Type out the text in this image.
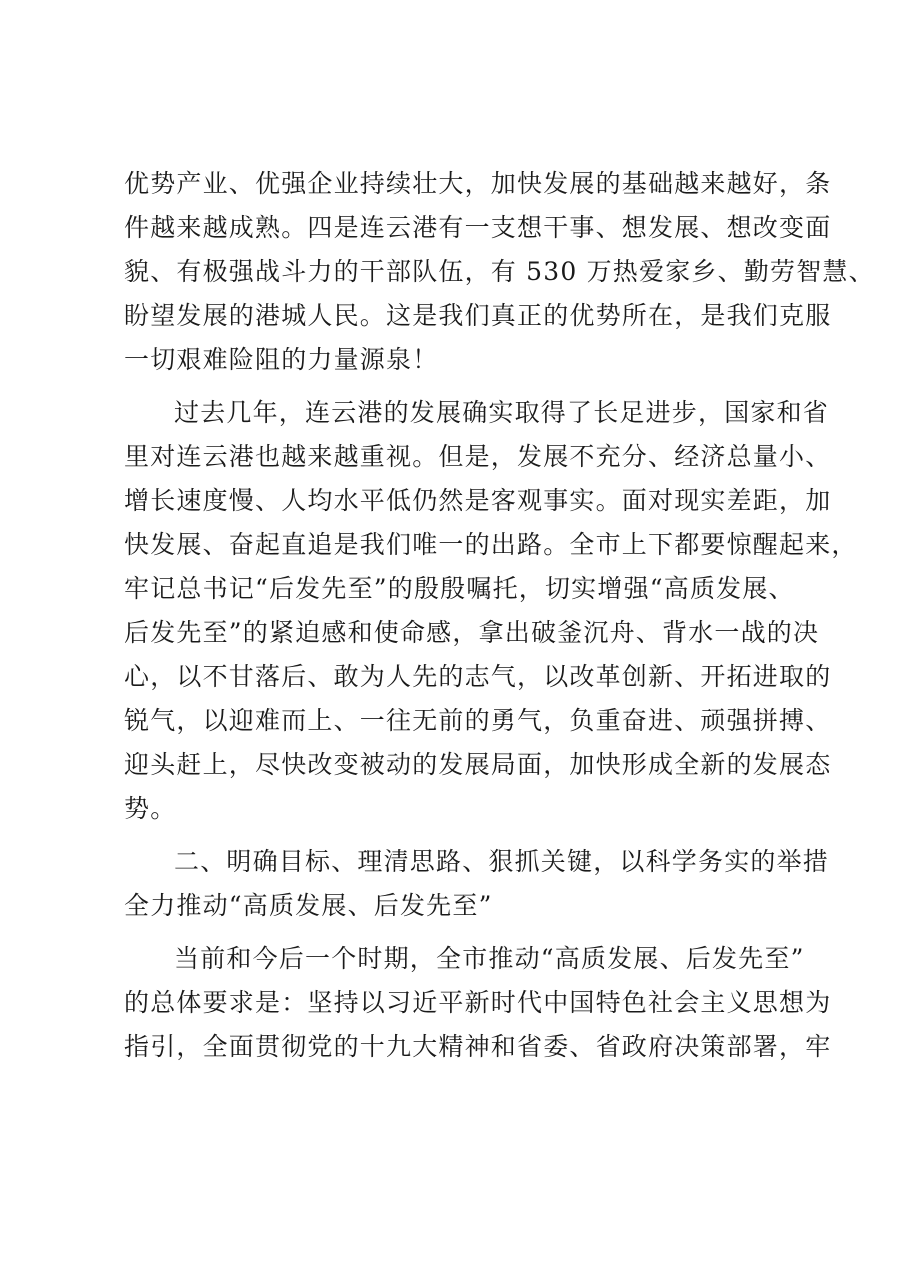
优势产业、优强企业持续壮大，加快发展的基础越来越好，条
件越来越成熟。四是连云港有一支想干事、想发展、想改变面
貌、有极强战斗力的干部队伍，有 530 万热爱家乡、勤劳智慧、
盼望发展的港城人民。这是我们真正的优势所在，是我们克服
一切艰难险阻的力量源泉！
过去几年，连云港的发展确实取得了长足进步，国家和省
里对连云港也越来越重视。但是，发展不充分、经济总量小、
增长速度慢、人均水平低仍然是客观事实。面对现实差距，加
快发展、奋起直追是我们唯一的出路。全市上下都要惊醒起来，
牢记总书记“后发先至”的殷殷嘱托，切实增强“高质发展、
后发先至”的紧迫感和使命感，拿出破釜沉舟、背水一战的决
心，以不甘落后、敢为人先的志气，以改革创新、开拓进取的
锐气，以迎难而上、一往无前的勇气，负重奋进、顽强拼搏、
迎头赶上，尽快改变被动的发展局面，加快形成全新的发展态
势。
二、明确目标、理清思路、狠抓关键，以科学务实的举措
全力推动“高质发展、后发先至”
当前和今后一个时期，全市推动“高质发展、后发先至”
的总体要求是：坚持以习近平新时代中国特色社会主义思想为
指引，全面贯彻党的十九大精神和省委、省政府决策部署，牢
